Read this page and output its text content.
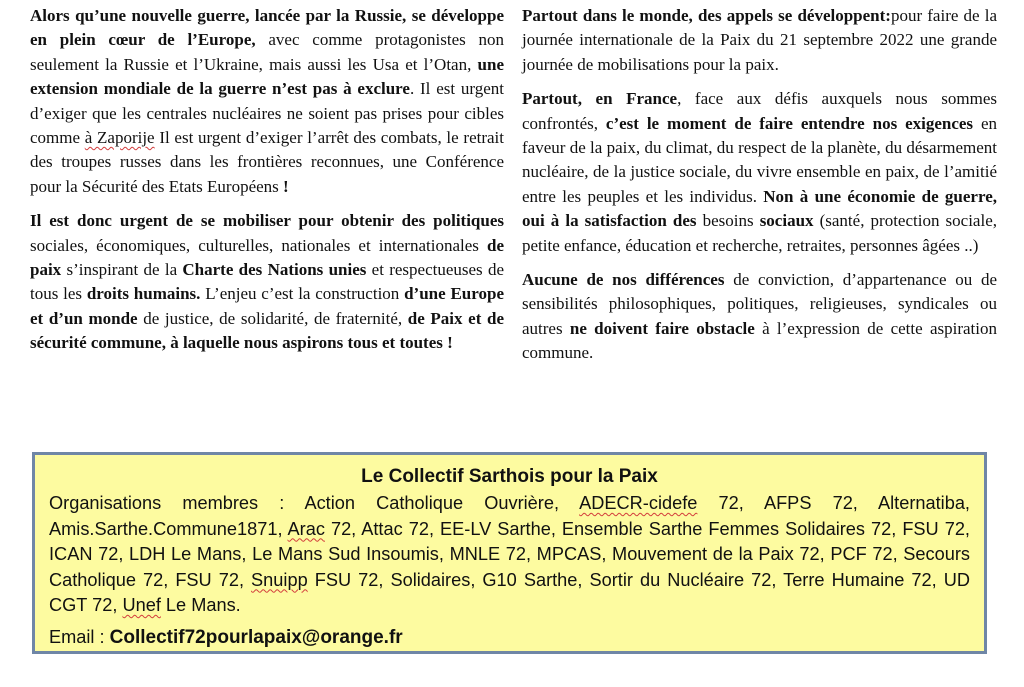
Alors qu’une nouvelle guerre, lancée par la Russie, se développe en plein cœur de l’Europe, avec comme protagonistes non seulement la Russie et l’Ukraine, mais aussi les Usa et l’Otan, une extension mondiale de la guerre n’est pas à exclure. Il est urgent d’exiger que les centrales nucléaires ne soient pas prises pour cibles comme à Zaporije Il est urgent d’exiger l’arrêt des combats, le retrait des troupes russes dans les frontières reconnues, une Conférence pour la Sécurité des Etats Européens !

Il est donc urgent de se mobiliser pour obtenir des politiques sociales, économiques, culturelles, nationales et internationales de paix s’inspirant de la Charte des Nations unies et respectueuses de tous les droits humains. L’enjeu c’est la construction d’une Europe et d’un monde de justice, de solidarité, de fraternité, de Paix et de sécurité commune, à laquelle nous aspirons tous et toutes !

Partout dans le monde, des appels se développent:pour faire de la journée internationale de la Paix du 21 septembre 2022 une grande journée de mobilisations pour la paix.

Partout, en France, face aux défis auxquels nous sommes confrontés, c’est le moment de faire entendre nos exigences en faveur de la paix, du climat, du respect de la planète, du désarmement nucléaire, de la justice sociale, du vivre ensemble en paix, de l’amitié entre les peuples et les individus. Non à une économie de guerre, oui à la satisfaction des besoins sociaux (santé, protection sociale, petite enfance, éducation et recherche, retraites, personnes âgées ..)

Aucune de nos différences de conviction, d’appartenance ou de sensibilités philosophiques, politiques, religieuses, syndicales ou autres ne doivent faire obstacle à l’expression de cette aspiration commune.

Le Collectif Sarthois pour la Paix

Organisations membres : Action Catholique Ouvrière, ADECR-cidefe 72, AFPS 72, Alternatiba, Amis.Sarthe.Commune1871, Arac 72, Attac 72, EE-LV Sarthe, Ensemble Sarthe Femmes Solidaires 72, FSU 72, ICAN 72, LDH Le Mans, Le Mans Sud Insoumis, MNLE 72, MPCAS, Mouvement de la Paix 72, PCF 72, Secours Catholique 72, FSU 72, Snuipp FSU 72, Solidaires, G10 Sarthe, Sortir du Nucléaire 72, Terre Humaine 72, UD CGT 72, Unef Le Mans.

Email : Collectif72pourlapaix@orange.fr
